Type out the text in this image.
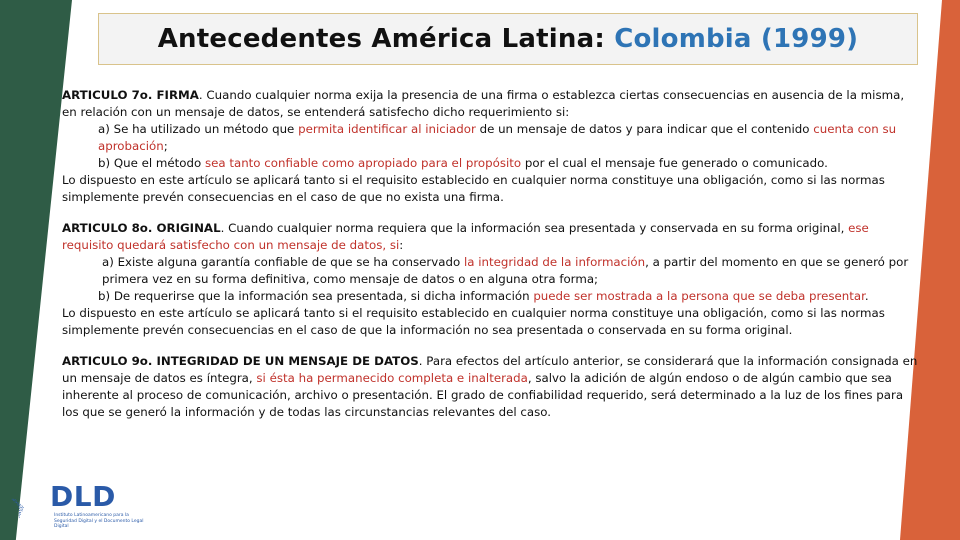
Antecedentes América Latina:
Colombia (1999)

ARTICULO 7o. FIRMA. Cuando cualquier norma exija la presencia de una firma o establezca ciertas consecuencias en ausencia de la misma, en relación con un mensaje de datos, se entenderá satisfecho dicho requerimiento si:

a) Se ha utilizado un método que permita identificar al iniciador de un mensaje de datos y para indicar que el contenido cuenta con su aprobación;

b) Que el método sea tanto confiable como apropiado para el propósito por el cual el mensaje fue generado o comunicado.

Lo dispuesto en este artículo se aplicará tanto si el requisito establecido en cualquier norma constituye una obligación, como si las normas simplemente prevén consecuencias en el caso de que no exista una firma.

ARTICULO 8o. ORIGINAL. Cuando cualquier norma requiera que la información sea presentada y conservada en su forma original, ese requisito quedará satisfecho con un mensaje de datos, si:

a) Existe alguna garantía confiable de que se ha conservado la integridad de la información, a partir del momento en que se generó por primera vez en su forma definitiva, como mensaje de datos o en alguna otra forma;

b) De requerirse que la información sea presentada, si dicha información puede ser mostrada a la persona que se deba presentar.

Lo dispuesto en este artículo se aplicará tanto si el requisito establecido en cualquier norma constituye una obligación, como si las normas simplemente prevén consecuencias en el caso de que la información no sea presentada o conservada en su forma original.

ARTICULO 9o. INTEGRIDAD DE UN MENSAJE DE DATOS. Para efectos del artículo anterior, se considerará que la información consignada en un mensaje de datos es íntegra, si ésta ha permanecido completa e inalterada, salvo la adición de algún endoso o de algún cambio que sea inherente al proceso de comunicación, archivo o presentación. El grado de confiabilidad requerido, será determinado a la luz de los fines para los que se generó la información y de todas las circunstancias relevantes del caso.

DLD
Instituto Latinoamericano para la Seguridad Digital y el Documento Legal Digital
